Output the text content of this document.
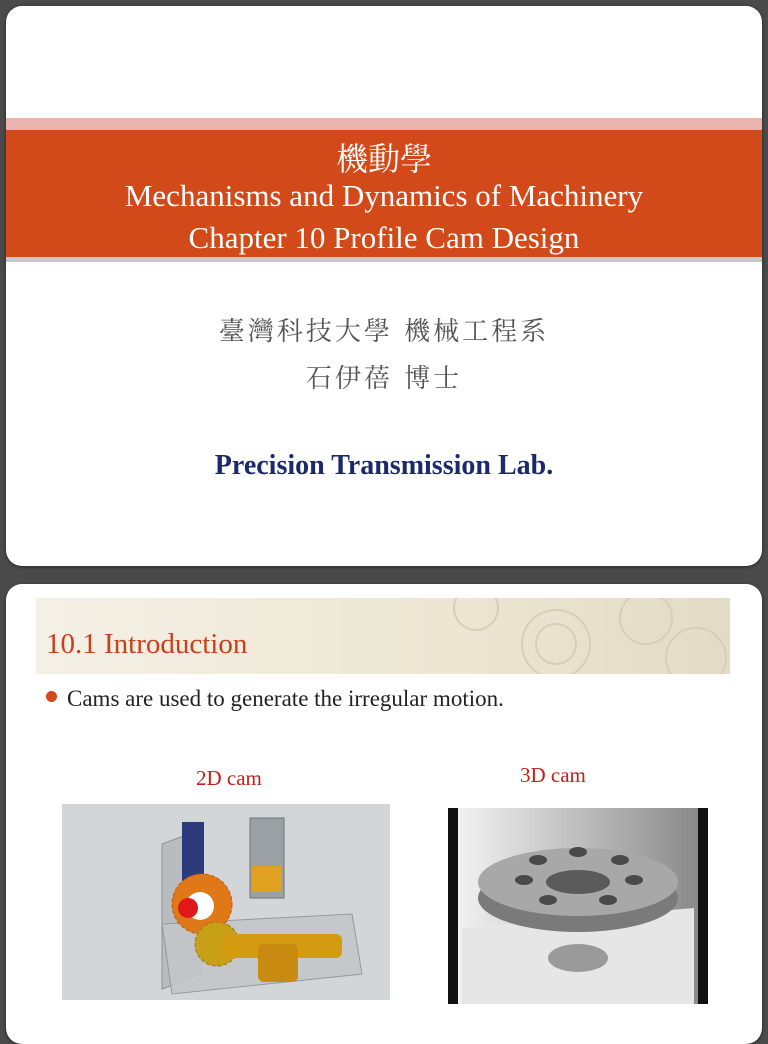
機動學
Mechanisms and Dynamics of Machinery
Chapter 10 Profile Cam Design
臺灣科技大學 機械工程系
石伊蓓 博士
Precision Transmission Lab.
10.1 Introduction
Cams are used to generate the irregular motion.
2D cam	3D cam
